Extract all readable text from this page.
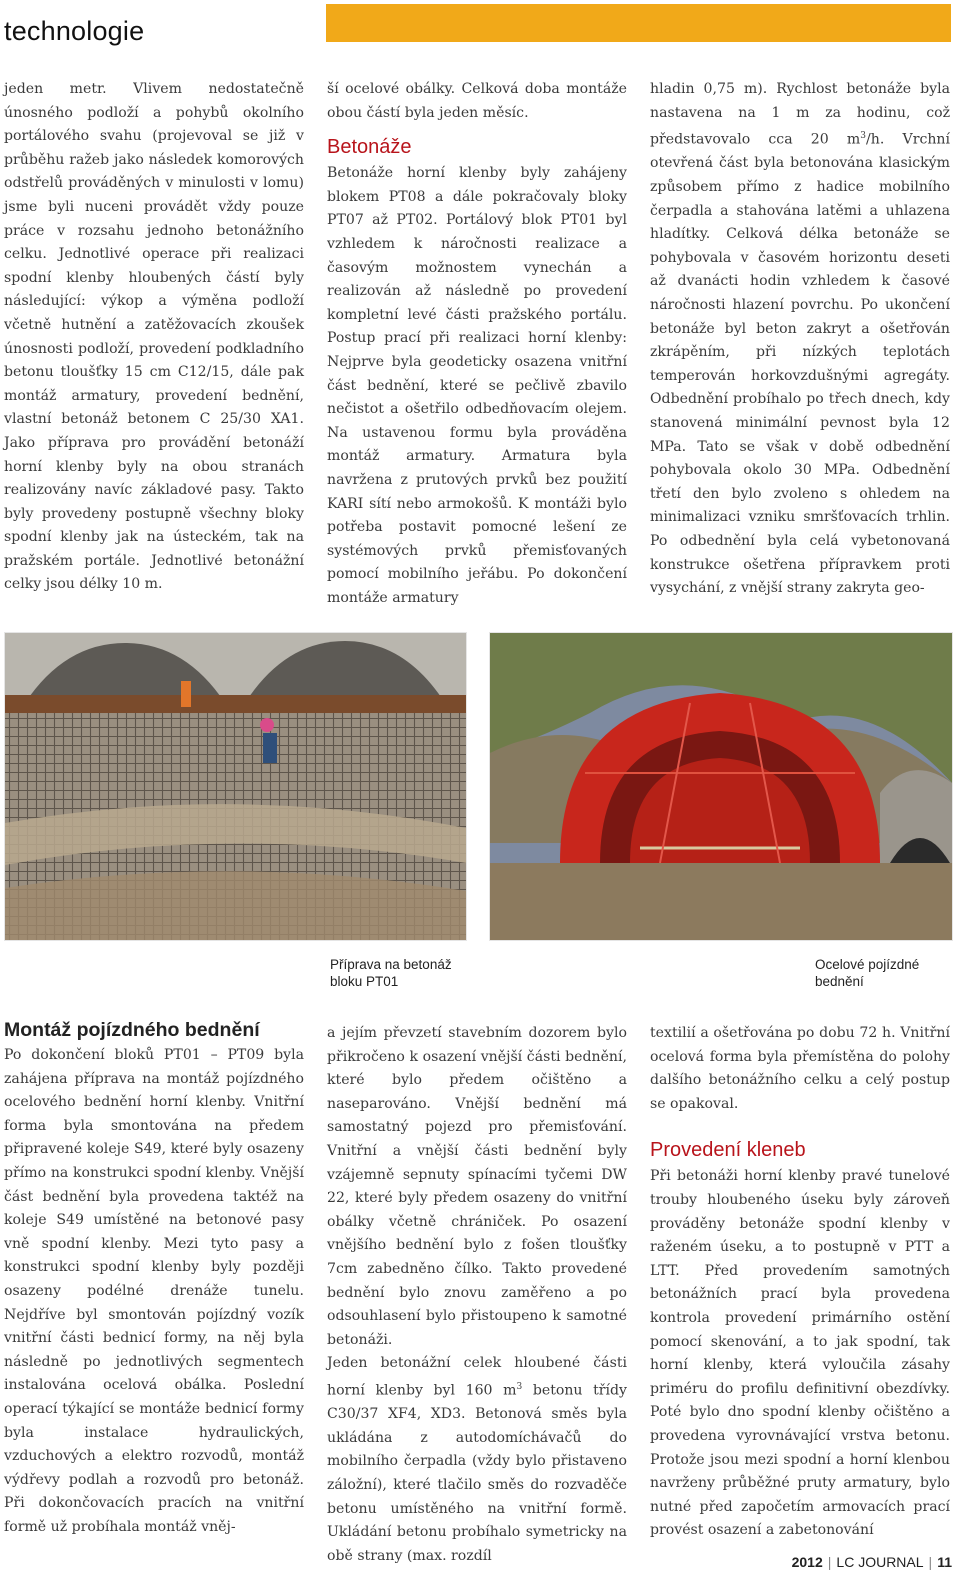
technologie

jeden metr. Vlivem nedostatečně únosného podloží a pohybů okolního portálového svahu (projevoval se již v průběhu ražeb jako následek komorových odstřelů prováděných v minulosti v lomu) jsme byli nuceni provádět vždy pouze práce v rozsahu jednoho betonážního celku. Jednotlivé operace při realizaci spodní klenby hloubených částí byly následující: výkop a výměna podloží včetně hutnění a zatěžovacích zkoušek únosnosti podloží, provedení podkladního betonu tloušťky 15 cm C12/15, dále pak montáž armatury, provedení bednění, vlastní betonáž betonem C 25/30 XA1. Jako příprava pro provádění betonáží horní klenby byly na obou stranách realizovány navíc základové pasy. Takto byly provedeny postupně všechny bloky spodní klenby jak na ústeckém, tak na pražském portále. Jednotlivé betonážní celky jsou délky 10 m.

ší ocelové obálky. Celková doba montáže obou částí byla jeden měsíc.

Betonáže

Betonáže horní klenby byly zahájeny blokem PT08 a dále pokračovaly bloky PT07 až PT02. Portálový blok PT01 byl vzhledem k náročnosti realizace a časovým možnostem vynechán a realizován až následně po provedení kompletní levé části pražského portálu. Postup prací při realizaci horní klenby: Nejprve byla geodeticky osazena vnitřní část bednění, které se pečlivě zbavilo nečistot a ošetřilo odbedňovacím olejem. Na ustavenou formu byla prováděna montáž armatury. Armatura byla navržena z prutových prvků bez použití KARI sítí nebo armokošů. K montáži bylo potřeba postavit pomocné lešení ze systémových prvků přemisťovaných pomocí mobilního jeřábu. Po dokončení montáže armatury

hladin 0,75 m). Rychlost betonáže byla nastavena na 1 m za hodinu, což představovalo cca 20 $m^3/h$. Vrchní otevřená část byla betonována klasickým způsobem přímo z hadice mobilního čerpadla a stahována latěmi a uhlazena hladítky. Celková délka betonáže se pohybovala v časovém horizontu deseti až dvanácti hodin vzhledem k časové náročnosti hlazení povrchu. Po ukončení betonáže byl beton zakryt a ošetřován zkrápěním, při nízkých teplotách temperován horkovzdušnými agregáty. Odbednění probíhalo po třech dnech, kdy stanovená minimální pevnost byla 12 MPa. Tato se však v době odbednění pohybovala okolo 30 MPa. Odbednění třetí den bylo zvoleno s ohledem na minimalizaci vzniku smršťovacích trhlin. Po odbednění byla celá vybetonovaná konstrukce ošetřena přípravkem proti vysychání, z vnější strany zakryta geo-

Příprava na betonáž bloku PT01
Ocelové pojízdné bednění
Montáž pojízdného bednění

Po dokončení bloků PT01 – PT09 byla zahájena příprava na montáž pojízdného ocelového bednění horní klenby. Vnitřní forma byla smontována na předem připravené koleje S49, které byly osazeny přímo na konstrukci spodní klenby. Vnější část bednění byla provedena taktéž na koleje S49 umístěné na betonové pasy vně spodní klenby. Mezi tyto pasy a konstrukci spodní klenby byly později osazeny podélné drenáže tunelu. Nejdříve byl smontován pojízdný vozík vnitřní části bednicí formy, na něj byla následně po jednotlivých segmentech instalována ocelová obálka. Poslední operací týkající se montáže bednicí formy byla instalace hydraulických, vzduchových a elektro rozvodů, montáž výdřevy podlah a rozvodů pro betonáž. Při dokončovacích pracích na vnitřní formě už probíhala montáž vněj-

a jejím převzetí stavebním dozorem bylo přikročeno k osazení vnější části bednění, které bylo předem očištěno a naseparováno. Vnější bednění má samostatný pojezd pro přemisťování. Vnitřní a vnější části bednění byly vzájemně sepnuty spínacími tyčemi DW 22, které byly předem osazeny do vnitřní obálky včetně chrániček. Po osazení vnějšího bednění bylo z fošen tloušťky 7cm zabedněno čílko. Takto provedené bednění bylo znovu zaměřeno a po odsouhlasení bylo přistoupeno k samotné betonáži.

Jeden betonážní celek hloubené části horní klenby byl 160 $m^3$ betonu třídy C30/37 XF4, XD3. Betonová směs byla ukládána z autodomíchávačů do mobilního čerpadla (vždy bylo přistaveno záložní), které tlačilo směs do rozvaděče betonu umístěného na vnitřní formě. Ukládání betonu probíhalo symetricky na obě strany (max. rozdíl

textilií a ošetřována po dobu 72 h. Vnitřní ocelová forma byla přemístěna do polohy dalšího betonážního celku a celý postup se opakoval.

Provedení kleneb

Při betonáži horní klenby pravé tunelové trouby hloubeného úseku byly zároveň prováděny betonáže spodní klenby v raženém úseku, a to postupně v PTT a LTT. Před provedením samotných betonážních prací byla provedena kontrola provedení primárního ostění pomocí skenování, a to jak spodní, tak horní klenby, která vyloučila zásahy priméru do profilu definitivní obezdívky. Poté bylo dno spodní klenby očištěno a provedena vyrovnávající vrstva betonu. Protože jsou mezi spodní a horní klenbou navrženy průběžné pruty armatury, bylo nutné před započetím armovacích prací provést osazení a zabetonování

2012 | LC JOURNAL | 11
